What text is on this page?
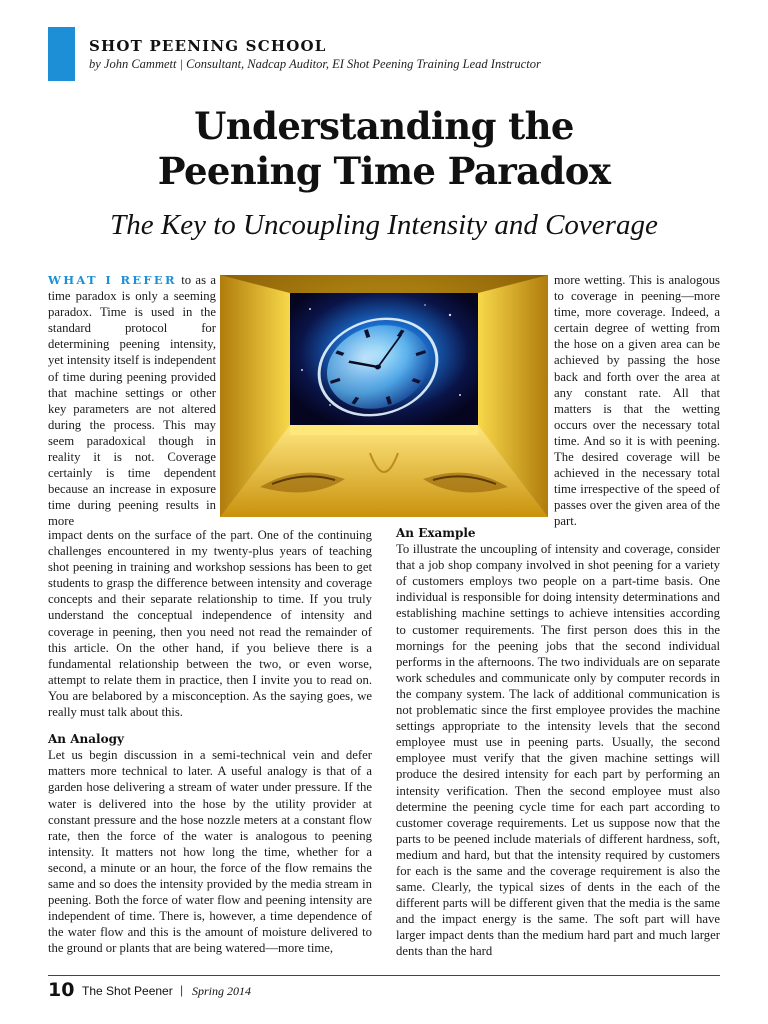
SHOT PEENING SCHOOL
by John Cammett | Consultant, Nadcap Auditor, EI Shot Peening Training Lead Instructor
Understanding the
Peening Time Paradox
The Key to Uncoupling Intensity and Coverage
WHAT I REFER to as a time paradox is only a seeming paradox. Time is used in the standard protocol for determining peening intensity, yet intensity itself is independent of time during peening provided that machine settings or other key parameters are not altered during the process. This may seem paradoxical though in reality it is not. Coverage certainly is time dependent because an increase in exposure time during peening results in more
more wetting. This is analogous to coverage in peening—more time, more coverage. Indeed, a certain degree of wetting from the hose on a given area can be achieved by passing the hose back and forth over the area at any constant rate. All that matters is that the wetting occurs over the necessary total time. And so it is with peening. The desired coverage will be achieved in the necessary total time irrespective of the speed of passes over the given area of the part.
impact dents on the surface of the part. One of the continuing challenges encountered in my twenty-plus years of teaching shot peening in training and workshop sessions has been to get students to grasp the difference between intensity and coverage concepts and their separate relationship to time. If you truly understand the conceptual independence of intensity and coverage in peening, then you need not read the remainder of this article. On the other hand, if you believe there is a fundamental relationship between the two, or even worse, attempt to relate them in practice, then I invite you to read on. You are belabored by a misconception. As the saying goes, we really must talk about this.
An Analogy
Let us begin discussion in a semi-technical vein and defer matters more technical to later. A useful analogy is that of a garden hose delivering a stream of water under pressure. If the water is delivered into the hose by the utility provider at constant pressure and the hose nozzle meters at a constant flow rate, then the force of the water is analogous to peening intensity. It matters not how long the time, whether for a second, a minute or an hour, the force of the flow remains the same and so does the intensity provided by the media stream in peening. Both the force of water flow and peening intensity are independent of time. There is, however, a time dependence of the water flow and this is the amount of moisture delivered to the ground or plants that are being watered—more time,
An Example
To illustrate the uncoupling of intensity and coverage, consider that a job shop company involved in shot peening for a variety of customers employs two people on a part-time basis. One individual is responsible for doing intensity determinations and establishing machine settings to achieve intensities according to customer requirements. The first person does this in the mornings for the peening jobs that the second individual performs in the afternoons. The two individuals are on separate work schedules and communicate only by computer records in the company system. The lack of additional communication is not problematic since the first employee provides the machine settings appropriate to the intensity levels that the second employee must use in peening parts. Usually, the second employee must verify that the given machine settings will produce the desired intensity for each part by performing an intensity verification. Then the second employee must also determine the peening cycle time for each part according to customer coverage requirements. Let us suppose now that the parts to be peened include materials of different hardness, soft, medium and hard, but that the intensity required by customers for each is the same and the coverage requirement is also the same. Clearly, the typical sizes of dents in the each of the different parts will be different given that the media is the same and the impact energy is the same. The soft part will have larger impact dents than the medium hard part and much larger dents than the hard
10 The Shot Peener | Spring 2014
